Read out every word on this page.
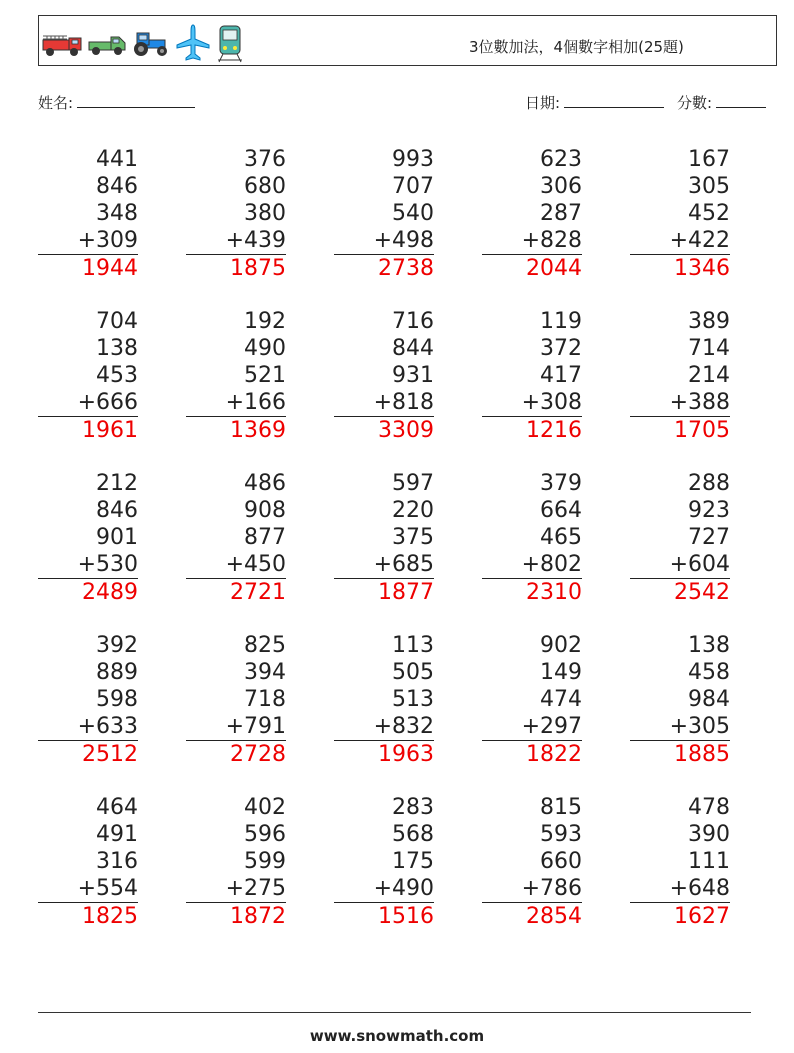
3位數加法，4個數字相加(25題)
姓名:	日期:	分數:
441
846
348
+309
1944
376
680
380
+439
1875
993
707
540
+498
2738
623
306
287
+828
2044
167
305
452
+422
1346
704
138
453
+666
1961
192
490
521
+166
1369
716
844
931
+818
3309
119
372
417
+308
1216
389
714
214
+388
1705
212
846
901
+530
2489
486
908
877
+450
2721
597
220
375
+685
1877
379
664
465
+802
2310
288
923
727
+604
2542
392
889
598
+633
2512
825
394
718
+791
2728
113
505
513
+832
1963
902
149
474
+297
1822
138
458
984
+305
1885
464
491
316
+554
1825
402
596
599
+275
1872
283
568
175
+490
1516
815
593
660
+786
2854
478
390
111
+648
1627
www.snowmath.com
